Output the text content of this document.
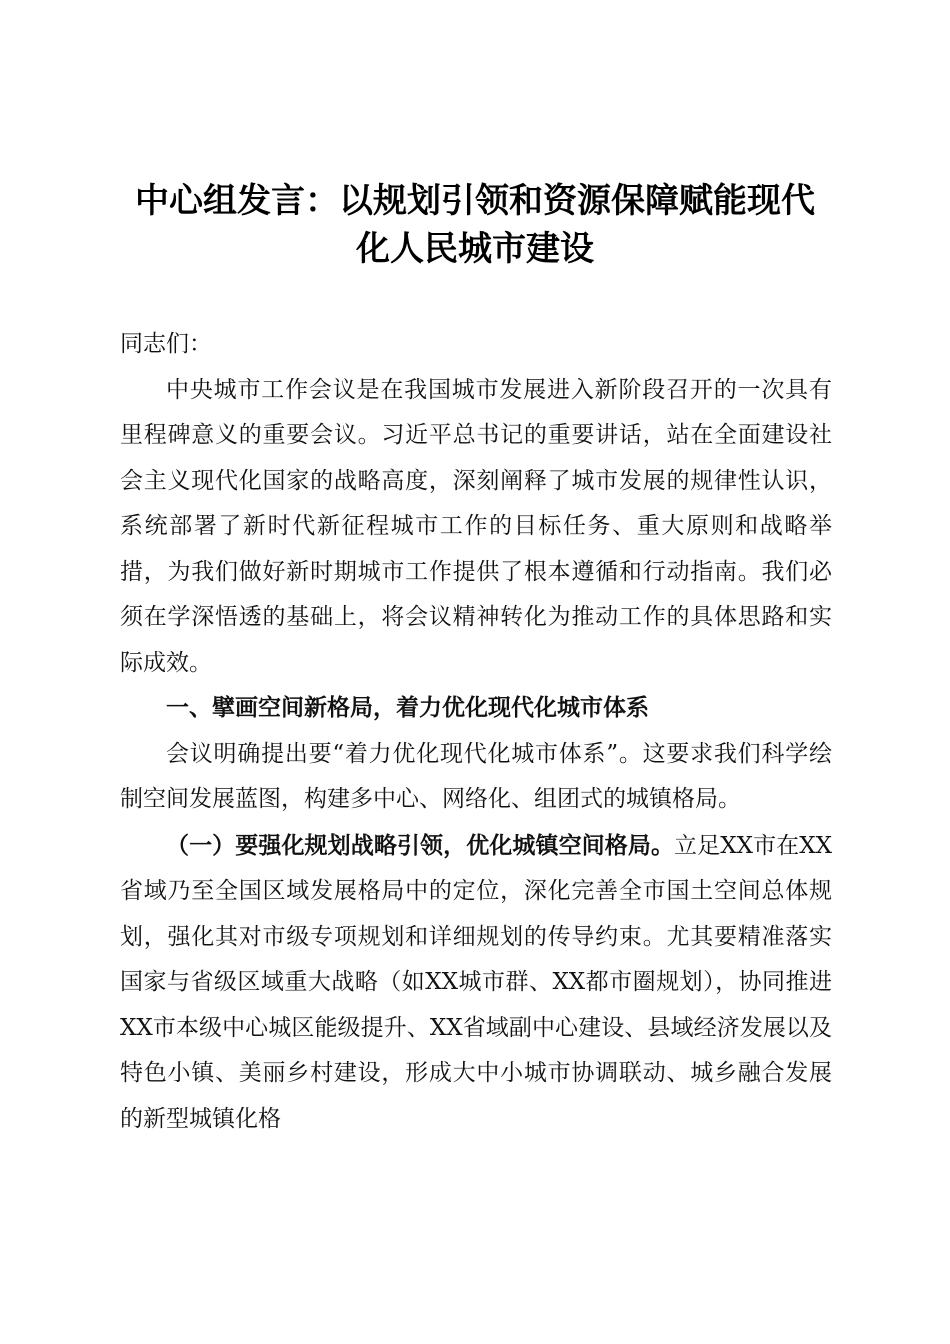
中心组发言：以规划引领和资源保障赋能现代
化人民城市建设

同志们：

中央城市工作会议是在我国城市发展进入新阶段召开的一次具有里程碑意义的重要会议。习近平总书记的重要讲话，站在全面建设社会主义现代化国家的战略高度，深刻阐释了城市发展的规律性认识，系统部署了新时代新征程城市工作的目标任务、重大原则和战略举措，为我们做好新时期城市工作提供了根本遵循和行动指南。我们必须在学深悟透的基础上，将会议精神转化为推动工作的具体思路和实际成效。

一、擘画空间新格局，着力优化现代化城市体系

会议明确提出要“着力优化现代化城市体系”。这要求我们科学绘制空间发展蓝图，构建多中心、网络化、组团式的城镇格局。

（一）要强化规划战略引领，优化城镇空间格局。立足XX市在XX省域乃至全国区域发展格局中的定位，深化完善全市国土空间总体规划，强化其对市级专项规划和详细规划的传导约束。尤其要精准落实国家与省级区域重大战略（如XX城市群、XX都市圈规划），协同推进XX市本级中心城区能级提升、XX省域副中心建设、县域经济发展以及特色小镇、美丽乡村建设，形成大中小城市协调联动、城乡融合发展的新型城镇化格
